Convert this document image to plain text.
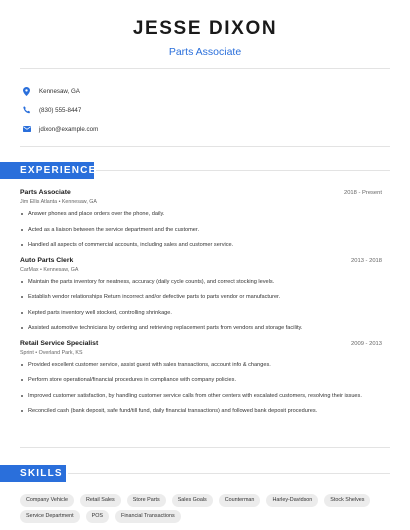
JESSE DIXON
Parts Associate
Kennesaw, GA
(830) 555-8447
jdixon@example.com
EXPERIENCE
Parts Associate	2018 - Present
Jim Ellis Atlanta • Kennesaw, GA
Answer phones and place orders over the phone, daily.
Acted as a liaison between the service department and the customer.
Handled all aspects of commercial accounts, including sales and customer service.
Auto Parts Clerk	2013 - 2018
CarMax • Kennesaw, GA
Maintain the parts inventory for neatness, accuracy (daily cycle counts), and correct stocking levels.
Establish vendor relationships Return incorrect and/or defective parts to parts vendor or manufacturer.
Kepted parts inventory well stocked, controlling shrinkage.
Assisted automotive technicians by ordering and retrieving replacement parts from vendors and storage facility.
Retail Service Specialist	2009 - 2013
Sprint • Overland Park, KS
Provided excellent customer service, assist guest with sales transactions, account info & changes.
Perform store operational/financial procedures in compliance with company policies.
Improved customer satisfaction, by handling customer service calls from other centers with escalated customers, resolving their issues.
Reconciled cash (bank deposit, safe fund/till fund, daily financial transactions) and followed bank deposit procedures.
SKILLS
Company Vehicle	Retail Sales	Store Parts	Sales Goals	Counterman	Harley-Davidson	Stock Shelves
Service Department	POS	Financial Transactions
